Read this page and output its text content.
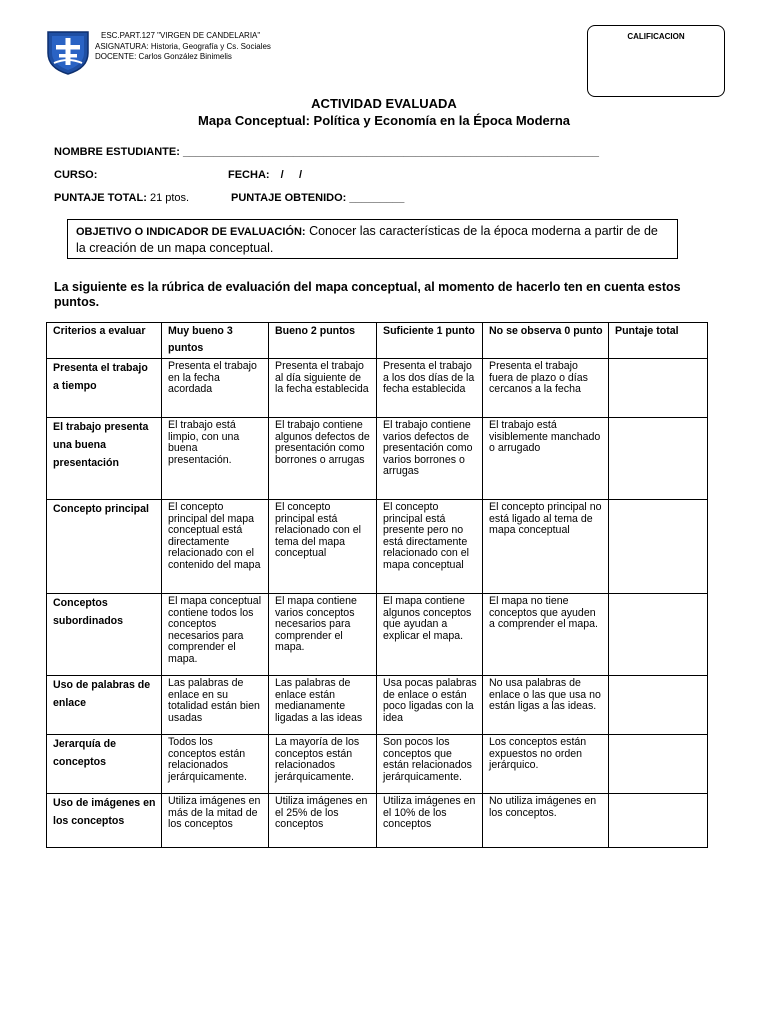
ESC.PART.127 "VIRGEN DE CANDELARIA"
ASIGNATURA: Historia, Geografía y Cs. Sociales
DOCENTE: Carlos González Binimelis
CALIFICACION
ACTIVIDAD EVALUADA
Mapa Conceptual: Política y Economía en la Época Moderna
NOMBRE ESTUDIANTE: ____________________________________________________________________
CURSO:	FECHA: /     /
PUNTAJE TOTAL: 21 ptos.	PUNTAJE OBTENIDO: _________
OBJETIVO O INDICADOR DE EVALUACIÓN: Conocer las características de la época moderna a partir de de la creación de un mapa conceptual.
La siguiente es la rúbrica de evaluación del mapa conceptual, al momento de hacerlo ten en cuenta estos puntos.
Criterios a evaluar	Muy bueno 3 puntos	Bueno 2 puntos	Suficiente 1 punto	No se observa 0 punto	Puntaje total
Presenta el trabajo a tiempo	Presenta el trabajo en la fecha acordada	Presenta el trabajo al día siguiente de la fecha establecida	Presenta el trabajo a los dos días de la fecha establecida	Presenta el trabajo fuera de plazo o días cercanos a la fecha	
El trabajo presenta una buena presentación	El trabajo está limpio, con una buena presentación.	El trabajo contiene algunos defectos de presentación como borrones o arrugas	El trabajo contiene varios defectos de presentación como varios borrones o arrugas	El trabajo está visiblemente manchado o arrugado	
Concepto principal	El concepto principal del mapa conceptual está directamente relacionado con el contenido del mapa	El concepto principal está relacionado con el tema del mapa conceptual	El concepto principal está presente pero no está directamente relacionado con el mapa conceptual	El concepto principal no está ligado al tema de mapa conceptual	
Conceptos subordinados	El mapa conceptual contiene todos los conceptos necesarios para comprender el mapa.	El mapa contiene varios conceptos necesarios para comprender el mapa.	El mapa contiene algunos conceptos que ayudan a explicar el mapa.	El mapa no tiene conceptos que ayuden a comprender el mapa.	
Uso de palabras de enlace	Las palabras de enlace en su totalidad están bien usadas	Las palabras de enlace están medianamente ligadas a las ideas	Usa pocas palabras de enlace o están poco ligadas con la idea	No usa palabras de enlace o las que usa no están ligas a las ideas.	
Jerarquía de conceptos	Todos los conceptos están relacionados jerárquicamente.	La mayoría de los conceptos están relacionados jerárquicamente.	Son pocos los conceptos que están relacionados jerárquicamente.	Los conceptos están expuestos no orden jerárquico.	
Uso de imágenes en los conceptos	Utiliza imágenes en más de la mitad de los conceptos	Utiliza imágenes en el 25% de los conceptos	Utiliza imágenes en el 10% de los conceptos	No utiliza imágenes en los conceptos.	
